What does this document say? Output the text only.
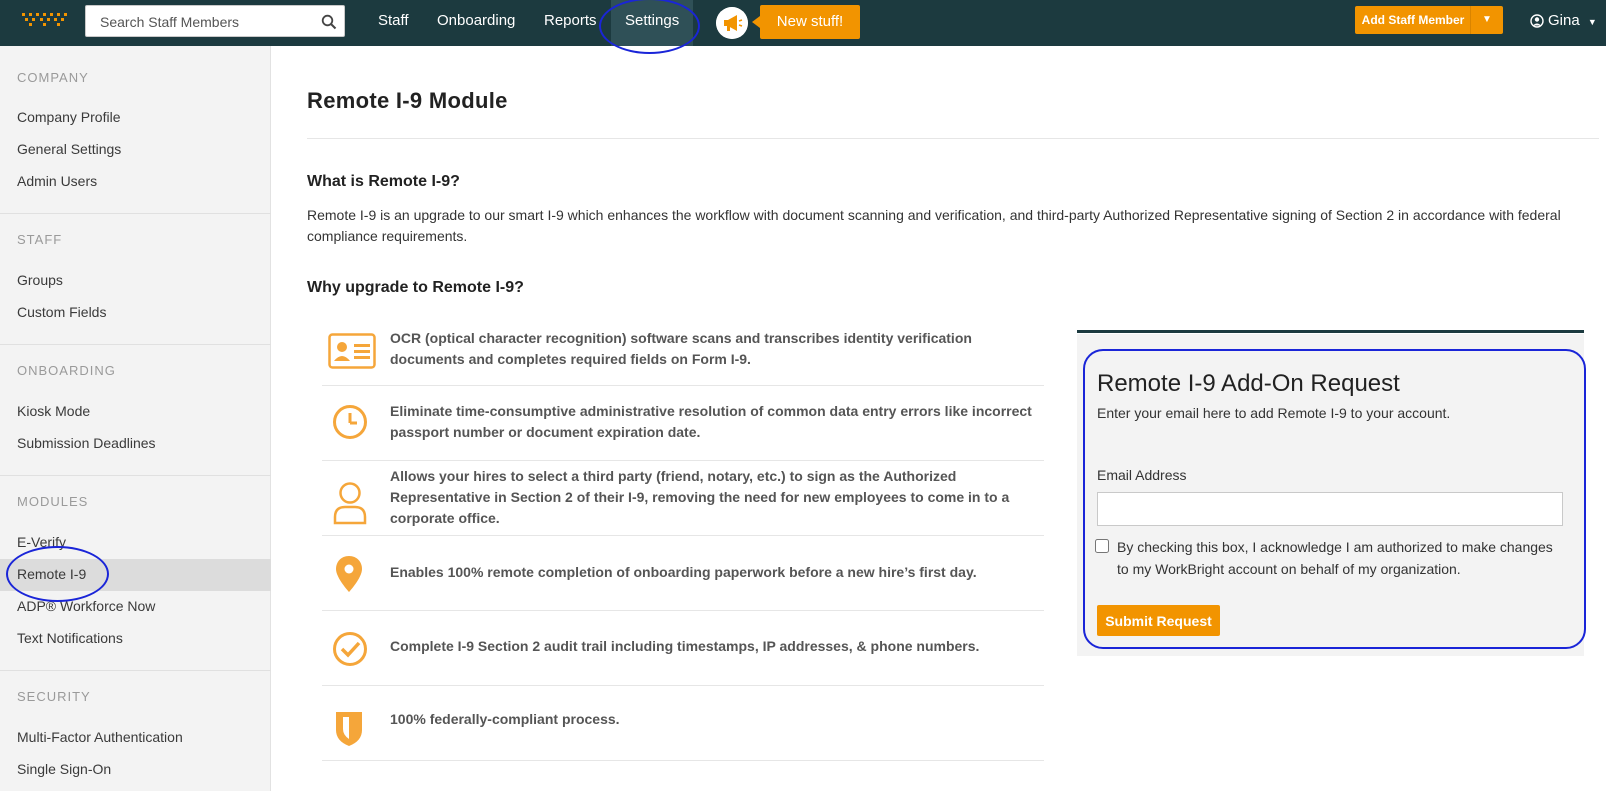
Search Staff Members
Staff Onboarding Reports	Settings	New stuff!	Add Staff Member	▼	Gina ▼
COMPANY
Company Profile
General Settings
Admin Users
STAFF
Groups
Custom Fields
ONBOARDING
Kiosk Mode
Submission Deadlines
MODULES
E-Verify
Remote I-9
ADP® Workforce Now
Text Notifications
SECURITY
Multi-Factor Authentication
Single Sign-On
Remote I-9 Module
What is Remote I-9?
Remote I-9 is an upgrade to our smart I-9 which enhances the workflow with document scanning and verification, and third-party Authorized Representative signing of Section 2 in accordance with federal compliance requirements.
Why upgrade to Remote I-9?
OCR (optical character recognition) software scans and transcribes identity verification documents and completes required fields on Form I-9.
Eliminate time-consumptive administrative resolution of common data entry errors like incorrect passport number or document expiration date.
Allows your hires to select a third party (friend, notary, etc.) to sign as the Authorized Representative in Section 2 of their I-9, removing the need for new employees to come in to a corporate office.
Enables 100% remote completion of onboarding paperwork before a new hire’s first day.
Complete I-9 Section 2 audit trail including timestamps, IP addresses, & phone numbers.
100% federally-compliant process.
Remote I-9 Add-On Request
Enter your email here to add Remote I-9 to your account.
Email Address
By checking this box, I acknowledge I am authorized to make changes to my WorkBright account on behalf of my organization.
Submit Request
